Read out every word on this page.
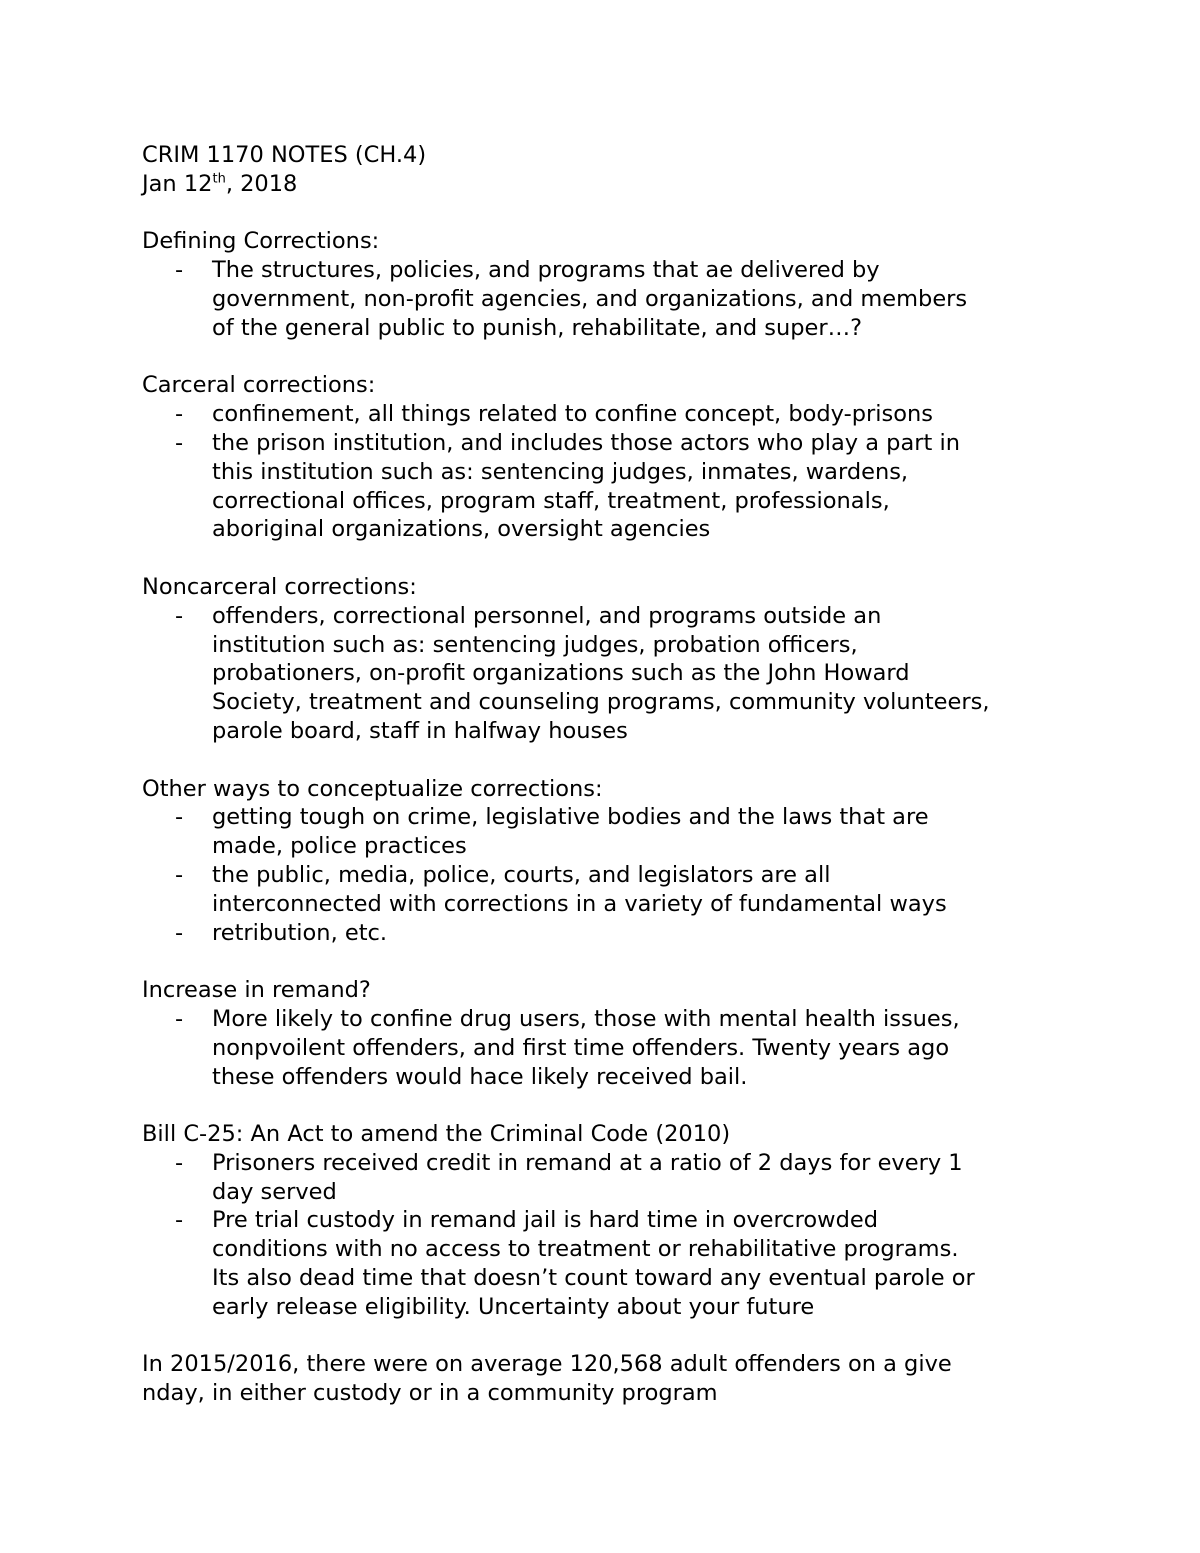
CRIM 1170 NOTES (CH.4)

Jan 12th, 2018

Defining Corrections:

- The structures, policies, and programs that ae delivered by
government, non-profit agencies, and organizations, and members
of the general public to punish, rehabilitate, and super…?

Carceral corrections:

- confinement, all things related to confine concept, body-prisons
- the prison institution, and includes those actors who play a part in
this institution such as: sentencing judges, inmates, wardens,
correctional offices, program staff, treatment, professionals,
aboriginal organizations, oversight agencies

Noncarceral corrections:

- offenders, correctional personnel, and programs outside an
institution such as: sentencing judges, probation officers,
probationers, on-profit organizations such as the John Howard
Society, treatment and counseling programs, community volunteers,
parole board, staff in halfway houses

Other ways to conceptualize corrections:

- getting tough on crime, legislative bodies and the laws that are
made, police practices
- the public, media, police, courts, and legislators are all
interconnected with corrections in a variety of fundamental ways
- retribution, etc.

Increase in remand?

- More likely to confine drug users, those with mental health issues,
nonpvoilent offenders, and first time offenders. Twenty years ago
these offenders would hace likely received bail.

Bill C-25: An Act to amend the Criminal Code (2010)

- Prisoners received credit in remand at a ratio of 2 days for every 1
day served
- Pre trial custody in remand jail is hard time in overcrowded
conditions with no access to treatment or rehabilitative programs.
Its also dead time that doesn’t count toward any eventual parole or
early release eligibility. Uncertainty about your future

In 2015/2016, there were on average 120,568 adult offenders on a give
nday, in either custody or in a community program
